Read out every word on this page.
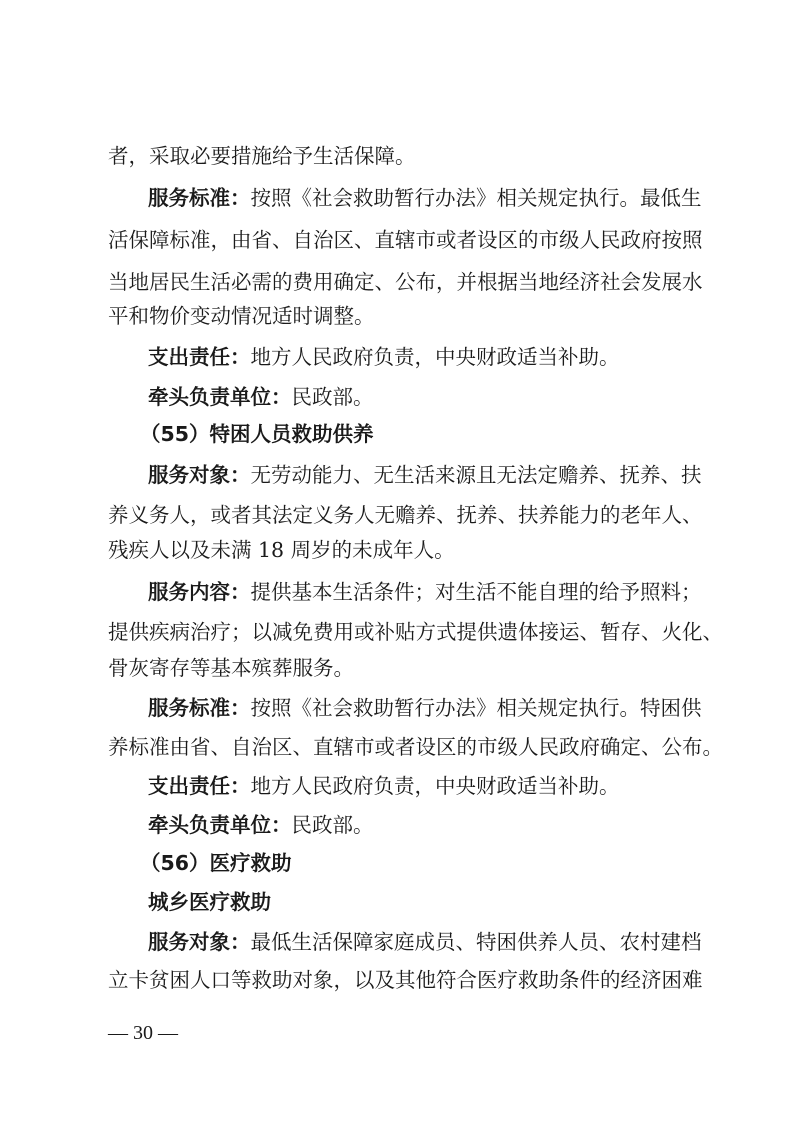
者，采取必要措施给予生活保障。
服务标准：按照《社会救助暂行办法》相关规定执行。最低生
活保障标准，由省、自治区、直辖市或者设区的市级人民政府按照
当地居民生活必需的费用确定、公布，并根据当地经济社会发展水
平和物价变动情况适时调整。
支出责任：地方人民政府负责，中央财政适当补助。
牵头负责单位：民政部。
（55）特困人员救助供养
服务对象：无劳动能力、无生活来源且无法定赡养、抚养、扶
养义务人，或者其法定义务人无赡养、抚养、扶养能力的老年人、
残疾人以及未满 18 周岁的未成年人。
服务内容：提供基本生活条件；对生活不能自理的给予照料；
提供疾病治疗；以减免费用或补贴方式提供遗体接运、暂存、火化、
骨灰寄存等基本殡葬服务。
服务标准：按照《社会救助暂行办法》相关规定执行。特困供
养标准由省、自治区、直辖市或者设区的市级人民政府确定、公布。
支出责任：地方人民政府负责，中央财政适当补助。
牵头负责单位：民政部。
（56）医疗救助
城乡医疗救助
服务对象：最低生活保障家庭成员、特困供养人员、农村建档
立卡贫困人口等救助对象，以及其他符合医疗救助条件的经济困难
— 30 —
